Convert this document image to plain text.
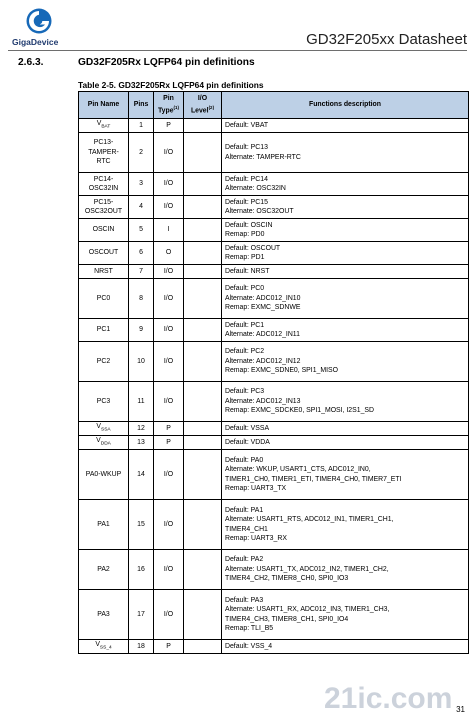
GigaDevice	GD32F205xx Datasheet
2.6.3.	GD32F205Rx LQFP64 pin definitions
Table 2-5. GD32F205Rx LQFP64 pin definitions
Pin Name	Pins	Pin Type$^{(1)}$	I/O Level$^{(2)}$	Functions description
$V_{BAT}$	1	P		Default: VBAT

PC13-
TAMPER-
RTC	2	I/O		Default: PC13
Alternate: TAMPER-RTC

PC14-
OSC32IN	3	I/O		Default: PC14
Alternate: OSC32IN

PC15-
OSC32OUT	4	I/O		Default: PC15
Alternate: OSC32OUT

OSCIN	5	I		Default: OSCIN
Remap: PD0

OSCOUT	6	O		Default: OSCOUT
Remap: PD1

NRST	7	I/O		Default: NRST

PC0	8	I/O		Default: PC0
Alternate: ADC012_IN10
Remap: EXMC_SDNWE

PC1	9	I/O		Default: PC1
Alternate: ADC012_IN11

PC2	10	I/O		Default: PC2
Alternate: ADC012_IN12
Remap: EXMC_SDNE0, SPI1_MISO

PC3	11	I/O		Default: PC3
Alternate: ADC012_IN13
Remap: EXMC_SDCKE0, SPI1_MOSI, I2S1_SD

$V_{SSA}$	12	P		Default: VSSA

$V_{DDA}$	13	P		Default: VDDA

PA0-WKUP	14	I/O		Default: PA0
Alternate: WKUP, USART1_CTS, ADC012_IN0,
TIMER1_CH0, TIMER1_ETI, TIMER4_CH0, TIMER7_ETI
Remap: UART3_TX

PA1	15	I/O		Default: PA1
Alternate: USART1_RTS, ADC012_IN1, TIMER1_CH1,
TIMER4_CH1
Remap: UART3_RX

PA2	16	I/O		Default: PA2
Alternate: USART1_TX, ADC012_IN2, TIMER1_CH2,
TIMER4_CH2, TIMER8_CH0, SPI0_IO3

PA3	17	I/O		Default: PA3
Alternate: USART1_RX, ADC012_IN3, TIMER1_CH3,
TIMER4_CH3, TIMER8_CH1, SPI0_IO4
Remap: TLI_B5

$V_{SS\_4}$	18	P		Default: VSS_4
21ic.com 31
